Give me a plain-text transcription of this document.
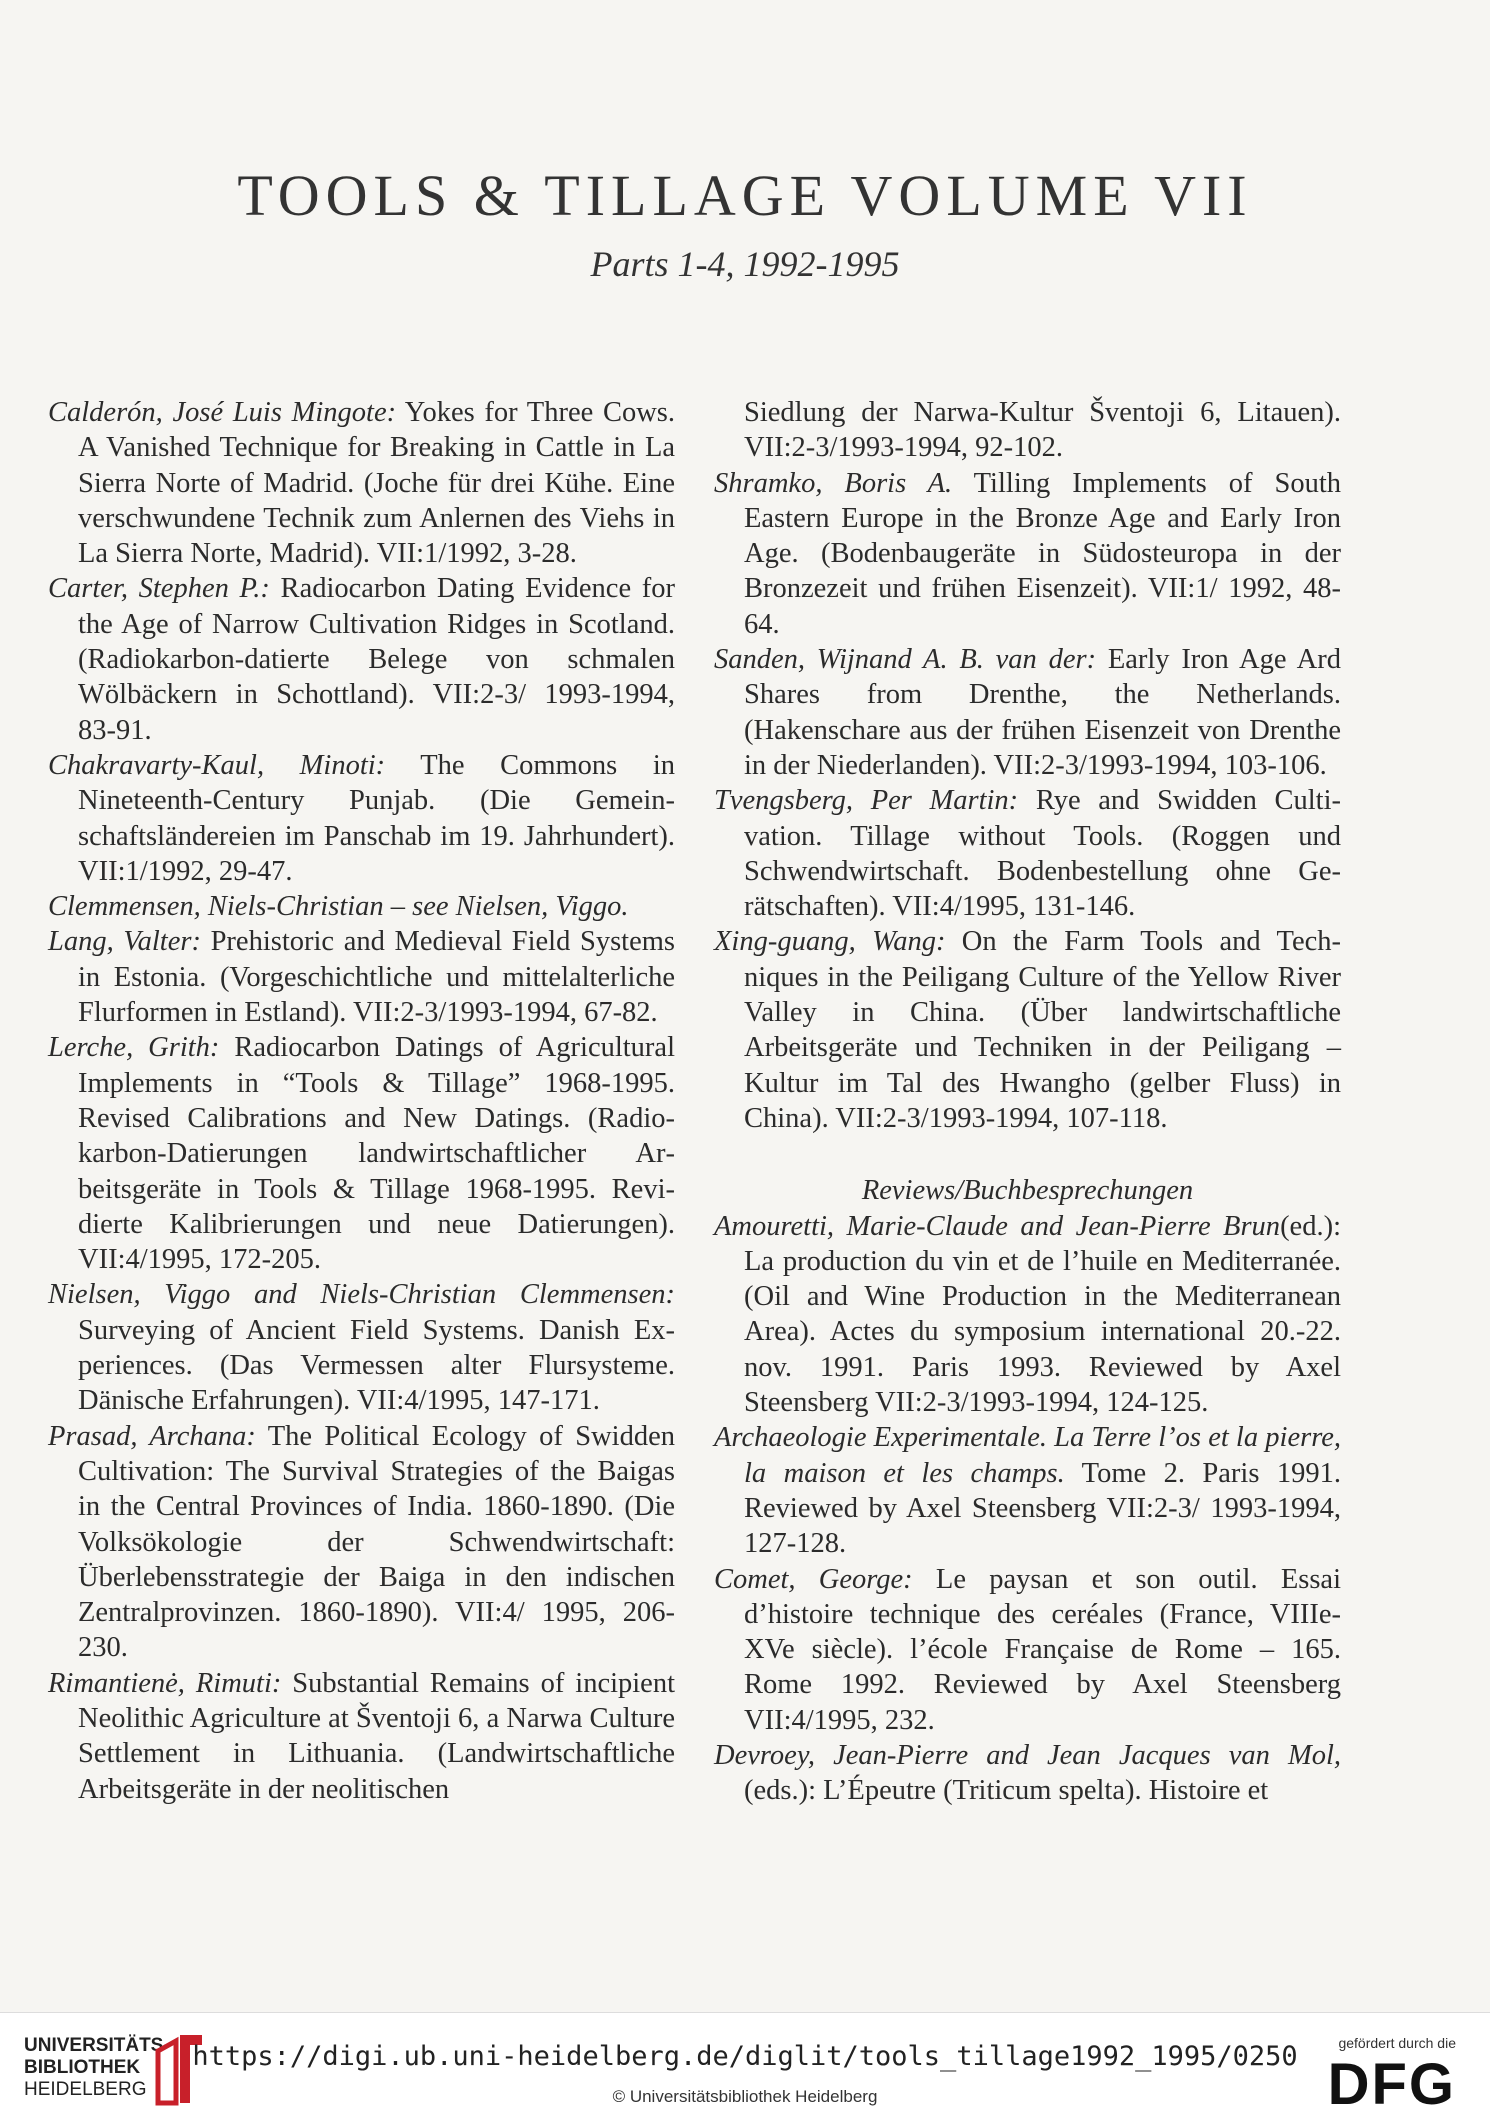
TOOLS & TILLAGE VOLUME VII
Parts 1-4, 1992-1995

Calderón, José Luis Mingote: Yokes for Three Cows. A Vanished Technique for Breaking in Cattle in La Sierra Norte of Madrid. (Joche für drei Kühe. Eine verschwundene Technik zum Anlernen des Viehs in La Sierra Norte, Madrid). VII:1/1992, 3-28.

Carter, Stephen P.: Radiocarbon Dating Evidence for the Age of Narrow Cultivation Ridges in Scotland. (Radiokarbon-datierte Belege von schmalen Wölbäckern in Schottland). VII:2-3/ 1993-1994, 83-91.

Chakravarty-Kaul, Minoti: The Commons in Nineteenth-Century Punjab. (Die Gemeinschaftsländereien im Panschab im 19. Jahrhundert). VII:1/1992, 29-47.

Clemmensen, Niels-Christian – see Nielsen, Viggo.

Lang, Valter: Prehistoric and Medieval Field Systems in Estonia. (Vorgeschichtliche und mittelalterliche Flurformen in Estland). VII:2-3/1993-1994, 67-82.

Lerche, Grith: Radiocarbon Datings of Agricultural Implements in “Tools & Tillage” 1968-1995. Revised Calibrations and New Datings. (Radiokarbon-Datierungen landwirtschaftlicher Arbeitsgeräte in Tools & Tillage 1968-1995. Revidierte Kalibrierungen und neue Datierungen). VII:4/1995, 172-205.

Nielsen, Viggo and Niels-Christian Clemmensen: Surveying of Ancient Field Systems. Danish Experiences. (Das Vermessen alter Flursysteme. Dänische Erfahrungen). VII:4/1995, 147-171.

Prasad, Archana: The Political Ecology of Swidden Cultivation: The Survival Strategies of the Baigas in the Central Provinces of India. 1860-1890. (Die Volksökologie der Schwendwirtschaft: Überlebensstrategie der Baiga in den indischen Zentralprovinzen. 1860-1890). VII:4/ 1995, 206-230.

Rimantienė, Rimuti: Substantial Remains of incipient Neolithic Agriculture at Šventoji 6, a Narwa Culture Settlement in Lithuania. (Landwirtschaftliche Arbeitsgeräte in der neolitischen

Siedlung der Narwa-Kultur Šventoji 6, Litauen). VII:2-3/1993-1994, 92-102.

Shramko, Boris A. Tilling Implements of South Eastern Europe in the Bronze Age and Early Iron Age. (Bodenbaugeräte in Südosteuropa in der Bronzezeit und frühen Eisenzeit). VII:1/ 1992, 48-64.

Sanden, Wijnand A. B. van der: Early Iron Age Ard Shares from Drenthe, the Netherlands. (Hakenschare aus der frühen Eisenzeit von Drenthe in der Niederlanden). VII:2-3/1993-1994, 103-106.

Tvengsberg, Per Martin: Rye and Swidden Cultivation. Tillage without Tools. (Roggen und Schwendwirtschaft. Bodenbestellung ohne Gerätschaften). VII:4/1995, 131-146.

Xing-guang, Wang: On the Farm Tools and Techniques in the Peiligang Culture of the Yellow River Valley in China. (Über landwirtschaftliche Arbeitsgeräte und Techniken in der Peiligang – Kultur im Tal des Hwangho (gelber Fluss) in China). VII:2-3/1993-1994, 107-118.

Reviews/Buchbesprechungen

Amouretti, Marie-Claude and Jean-Pierre Brun(ed.): La production du vin et de l’huile en Mediterranée. (Oil and Wine Production in the Mediterranean Area). Actes du symposium international 20.-22. nov. 1991. Paris 1993. Reviewed by Axel Steensberg VII:2-3/1993-1994, 124-125.

Archaeologie Experimentale. La Terre l’os et la pierre, la maison et les champs. Tome 2. Paris 1991. Reviewed by Axel Steensberg VII:2-3/ 1993-1994, 127-128.

Comet, George: Le paysan et son outil. Essai d’histoire technique des ceréales (France, VIIIe-XVe siècle). l’école Française de Rome – 165. Rome 1992. Reviewed by Axel Steensberg VII:4/1995, 232.

Devroey, Jean-Pierre and Jean Jacques van Mol, (eds.): L’Épeutre (Triticum spelta). Histoire et

UNIVERSITÄTS-
BIBLIOTHEK
HEIDELBERG
https://digi.ub.uni-heidelberg.de/diglit/tools_tillage1992_1995/0250
© Universitätsbibliothek Heidelberg
gefördert durch die
DFG
